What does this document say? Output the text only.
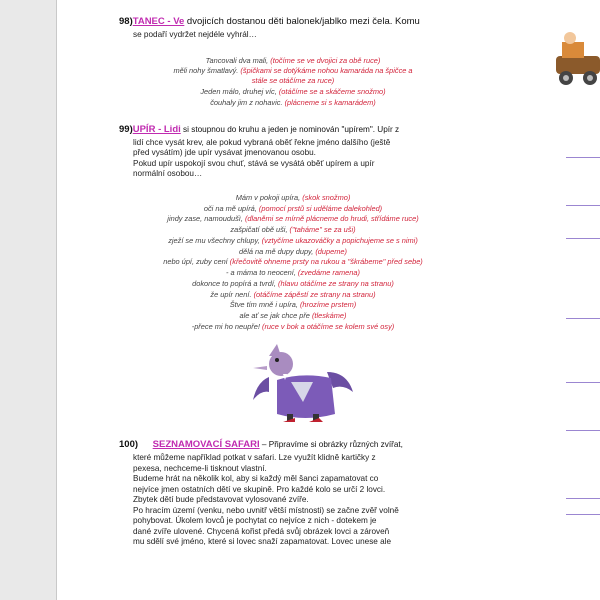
98)TANEC - Ve dvojicích dostanou děti balonek/jablko mezi čela. Komu
se podaří vydržet nejdéle vyhrál…
Tancovali dva mali, (točíme se ve dvojici za obě ruce)
měli nohy šmatlavý. (špičkami se dotýkáme nohou kamaráda na špičce a
stále se otáčíme za ruce)
Jeden málo, druhej víc, (otáčíme se a skáčeme snožmo)
čouhaly jim z nohavic. (plácneme si s kamarádem)
99)UPÍR - Lidi si stoupnou do kruhu a jeden je nominován "upírem". Upír z
lidí chce vysát krev, ale pokud vybraná oběť řekne jméno dalšího (ještě
před vysátím) jde upír vysávat jmenovanou osobu.
Pokud upír uspokojí svou chuť, stává se vysátá oběť upírem a upír
normální osobou…
Mám v pokoji upíra, (skok snožmo)
oči na mě upírá, (pomocí prstů si uděláme dalekohled)
jindy zase, namoudušì, (dlaněmi se mírně plácneme do hrudi, střídáme ruce)
zašpičatí obě uši, ("taháme" se za uši)
zježí se mu všechny chlupy, (vztyčíme ukazováčky a popichujeme se s nimi)
dělá na mě dupy dupy, (dupeme)
nebo úpí, zuby cení (křečovitě ohneme prsty na rukou a "škrábeme" před sebe)
- a máma to neocení, (zvedáme ramena)
dokonce to popírá a tvrdí, (hlavu otáčíme ze strany na stranu)
že upír není. (otáčíme zápěstí ze strany na stranu)
Štve tím mně i upíra, (hrozíme prstem)
ale ať se jak chce pře (tleskáme)
-přece mi ho neupře! (ruce v bok a otáčíme se kolem své osy)
100) SEZNAMOVACÍ SAFARI – Připravíme si obrázky různých zvířat,
které můžeme například potkat v safari. Lze využít klidně kartičky z
pexesa, nechceme-li tisknout vlastní.
Budeme hrát na několik kol, aby si každý měl šanci zapamatovat co
nejvíce jmen ostatních dětí ve skupině. Pro každé kolo se určí 2 lovci.
Zbytek dětí bude představovat vylosované zvíře.
Po hracím území (venku, nebo uvnitř větší místnosti) se začne zvěř volně
pohybovat. Úkolem lovců je pochytat co nejvíce z nich - dotekem je
dané zvíře ulovené. Chycená kořist předá svůj obrázek lovci a zároveň
mu sdělí své jméno, které si lovec snaží zapamatovat. Lovec unese ale
